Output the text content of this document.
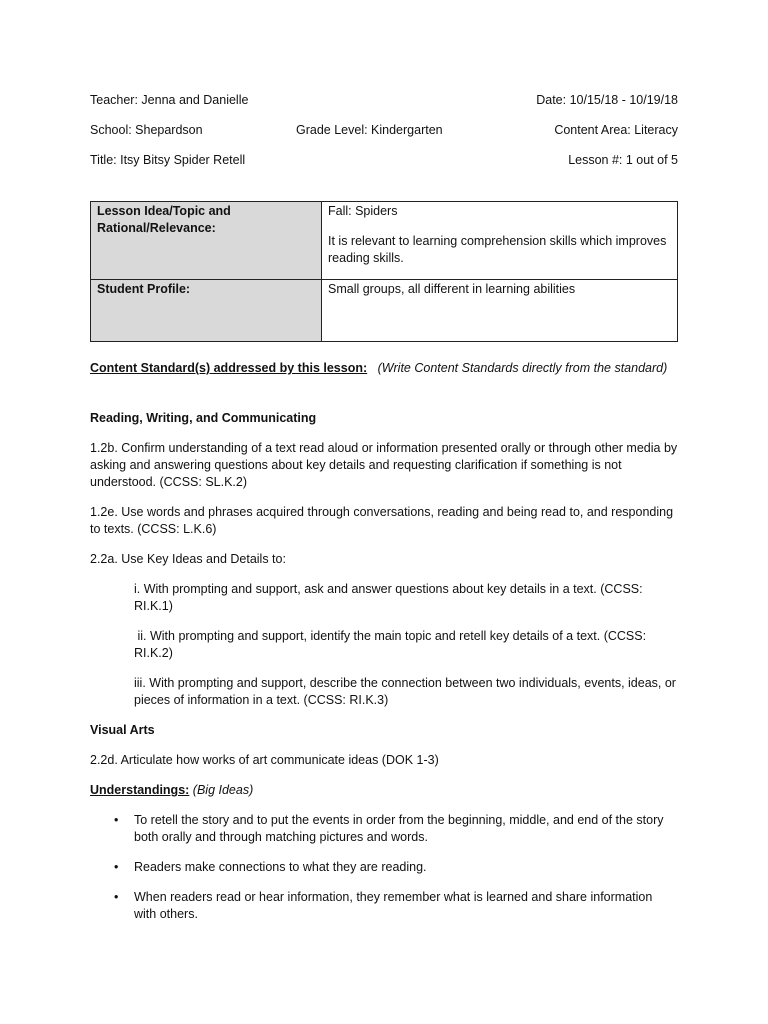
Teacher: Jenna and Danielle	Date: 10/15/18 - 10/19/18
School: Shepardson	Grade Level: Kindergarten	Content Area: Literacy
Title: Itsy Bitsy Spider Retell	Lesson #: 1 out of 5
Lesson Idea/Topic and Rational/Relevance:	Fall: Spiders
It is relevant to learning comprehension skills which improves reading skills.
Student Profile:	Small groups, all different in learning abilities

Content Standard(s) addressed by this lesson: (Write Content Standards directly from the standard)

Reading, Writing, and Communicating

1.2b. Confirm understanding of a text read aloud or information presented orally or through other media by asking and answering questions about key details and requesting clarification if something is not understood. (CCSS: SL.K.2)

1.2e. Use words and phrases acquired through conversations, reading and being read to, and responding to texts. (CCSS: L.K.6)

2.2a. Use Key Ideas and Details to:

i. With prompting and support, ask and answer questions about key details in a text. (CCSS: RI.K.1)

ii. With prompting and support, identify the main topic and retell key details of a text. (CCSS: RI.K.2)

iii. With prompting and support, describe the connection between two individuals, events, ideas, or pieces of information in a text. (CCSS: RI.K.3)

Visual Arts

2.2d. Articulate how works of art communicate ideas (DOK 1-3)

Understandings: (Big Ideas)

• To retell the story and to put the events in order from the beginning, middle, and end of the story both orally and through matching pictures and words.
• Readers make connections to what they are reading.
• When readers read or hear information, they remember what is learned and share information with others.
